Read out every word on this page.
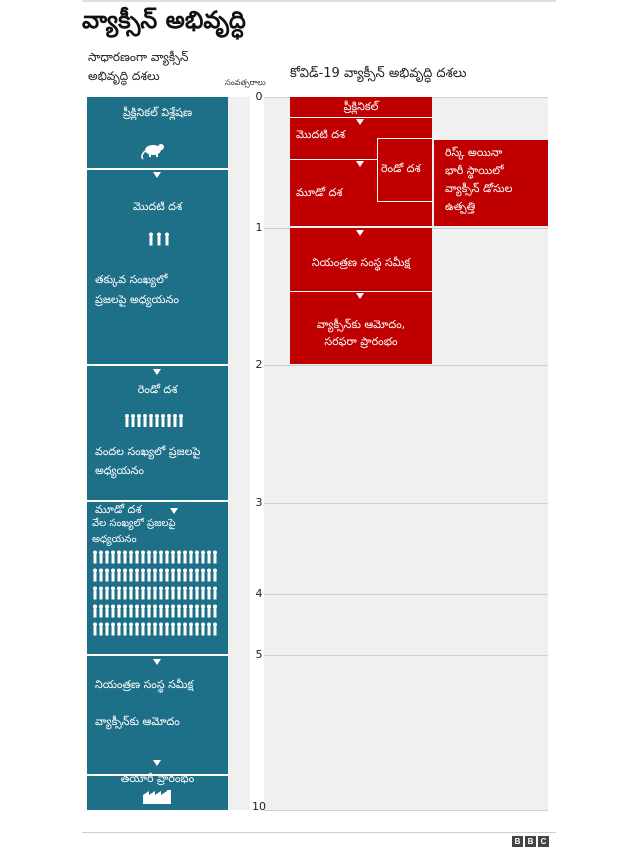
వ్యాక్సీన్ అభివృద్ధి
సాధారణంగా వ్యాక్సీన్
అభివృద్ధి దశలు	సంవత్సరాలు
కోవిడ్-19 వ్యాక్సీన్ అభివృద్ధి దశలు
0
1
2
3
4
5
10
ప్రీక్లినికల్ విశ్లేషణ
మొదటి దశ
తక్కువ సంఖ్యలో
ప్రజలపై అధ్యయనం
రెండో దశ
వందల సంఖ్యలో ప్రజలపై
అధ్యయనం
మూడో దశ
వేల సంఖ్యలో ప్రజలపై
అధ్యయనం
నియంత్రణ సంస్థ సమీక్ష
వ్యాక్సీన్‌కు ఆమోదం
తయారీ ప్రారంభం
ప్రీక్లినికల్
మొదటి దశ
రెండో దశ
మూడో దశ
రిస్క్ అయినా
భారీ స్థాయిలో
వ్యాక్సీన్ డోసుల
ఉత్పత్తి
నియంత్రణ సంస్థ సమీక్ష
వ్యాక్సీన్‌కు ఆమోదం,
సరఫరా ప్రారంభం
B B C
